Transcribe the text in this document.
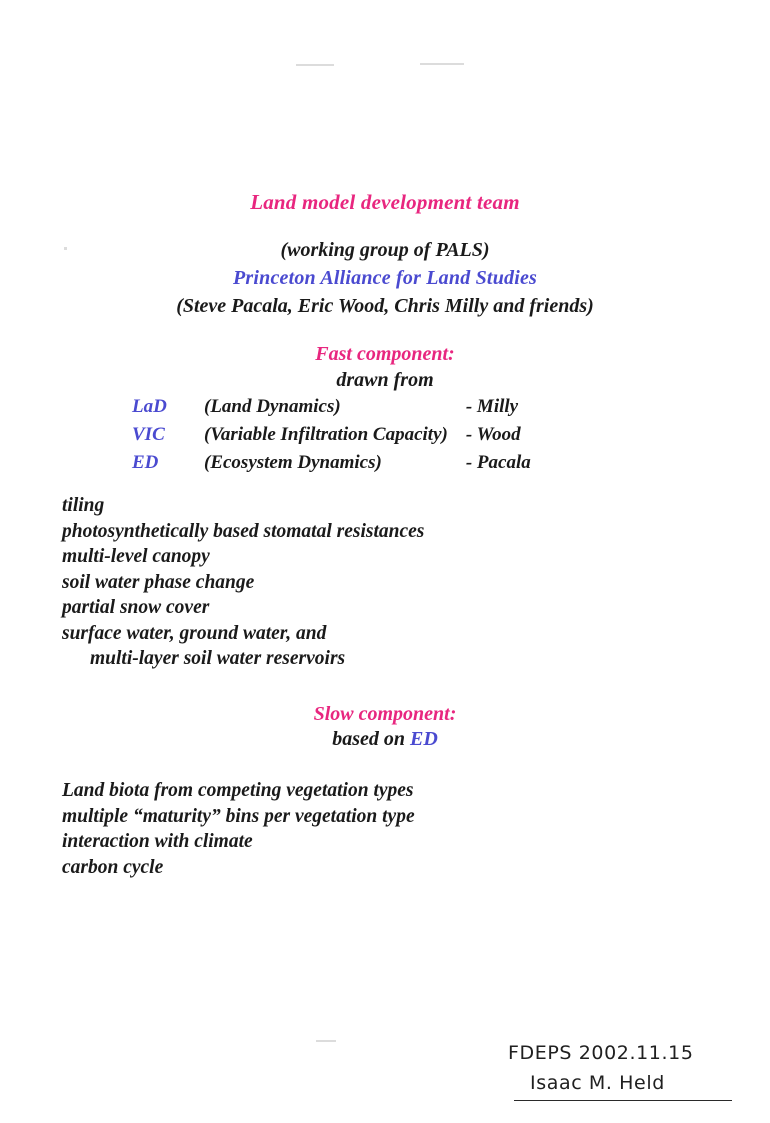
Land model development team
(working group of PALS)
Princeton Alliance for Land Studies
(Steve Pacala, Eric Wood, Chris Milly and friends)
Fast component:
drawn from
LaD	(Land Dynamics)	- Milly
VIC	(Variable Infiltration Capacity)	- Wood
ED	(Ecosystem Dynamics)	- Pacala
tiling
photosynthetically based stomatal resistances
multi-level canopy
soil water phase change
partial snow cover
surface water, ground water, and
multi-layer soil water reservoirs
Slow component:
based on ED
Land biota from competing vegetation types
multiple “maturity” bins per vegetation type
interaction with climate
carbon cycle
FDEPS 2002.11.15
Isaac M. Held
